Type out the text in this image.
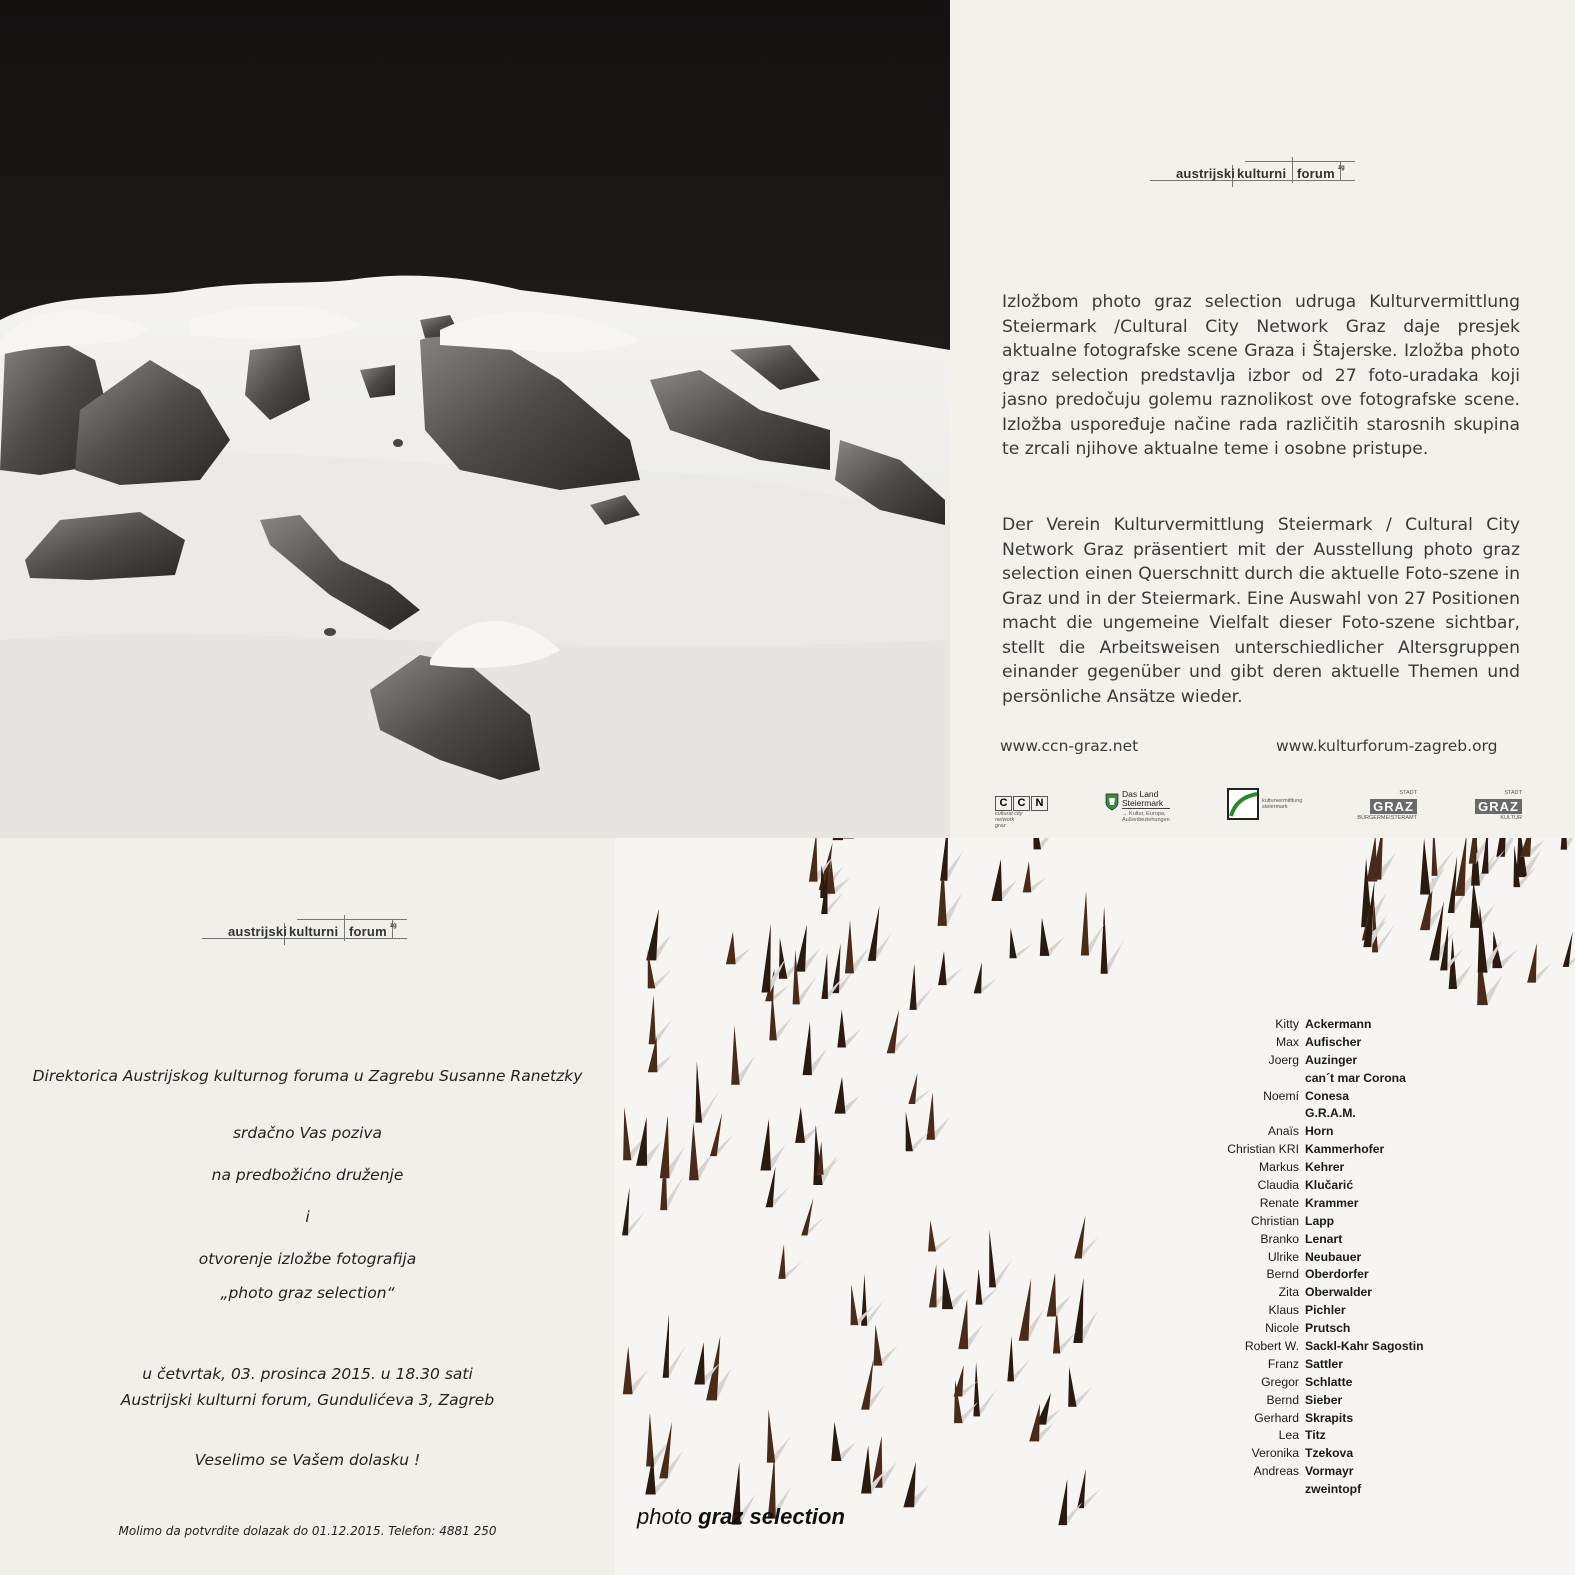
austrijski kulturni forum zg

Izložbom photo graz selection udruga Kulturvermittlung Steiermark /Cultural City Network Graz daje presjek aktualne fotografske scene Graza i Štajerske. Izložba photo graz selection predstavlja izbor od 27 foto-uradaka koji jasno predočuju golemu raznolikost ove fotografske scene. Izložba uspoređuje načine rada različitih starosnih skupina te zrcali njihove aktualne teme i osobne pristupe.

Der Verein Kulturvermittlung Steiermark / Cultural City Network Graz präsentiert mit der Ausstellung photo graz selection einen Querschnitt durch die aktuelle Foto-szene in Graz und in der Steiermark. Eine Auswahl von 27 Positionen macht die ungemeine Vielfalt dieser Foto-szene sichtbar, stellt die Arbeitsweisen unterschiedlicher Altersgruppen einander gegenüber und gibt deren aktuelle Themen und persönliche Ansätze wieder.

www.ccn-graz.net	www.kulturforum-zagreb.org
C C N
cultural city
network
graz
Das Land
Steiermark
→ Kultur, Europa,
Außenbeziehungen
kulturvermittlung
steiermark
STADT
GRAZ
BÜRGERMEISTERAMT
STADT
GRAZ
KULTUR
austrijski kulturni forum zg
Direktorica Austrijskog kulturnog foruma u Zagrebu Susanne Ranetzky
srdačno Vas poziva
na predbožićno druženje
i
otvorenje izložbe fotografija
„photo graz selection“
u četvrtak, 03. prosinca 2015. u 18.30 sati
Austrijski kulturni forum, Gundulićeva 3, Zagreb
Veselimo se Vašem dolasku !
Molimo da potvrdite dolazak do 01.12.2015. Telefon: 4881 250
Kitty Ackermann
Max Aufischer
Joerg Auzinger
can´t mar Corona
Noemí Conesa
G.R.A.M.
Anaïs Horn
Christian KRI Kammerhofer
Markus Kehrer
Claudia Klučarić
Renate Krammer
Christian Lapp
Branko Lenart
Ulrike Neubauer
Bernd Oberdorfer
Zita Oberwalder
Klaus Pichler
Nicole Prutsch
Robert W. Sackl-Kahr Sagostin
Franz Sattler
Gregor Schlatte
Bernd Sieber
Gerhard Skrapits
Lea Titz
Veronika Tzekova
Andreas Vormayr
zweintopf
photo graz selection
